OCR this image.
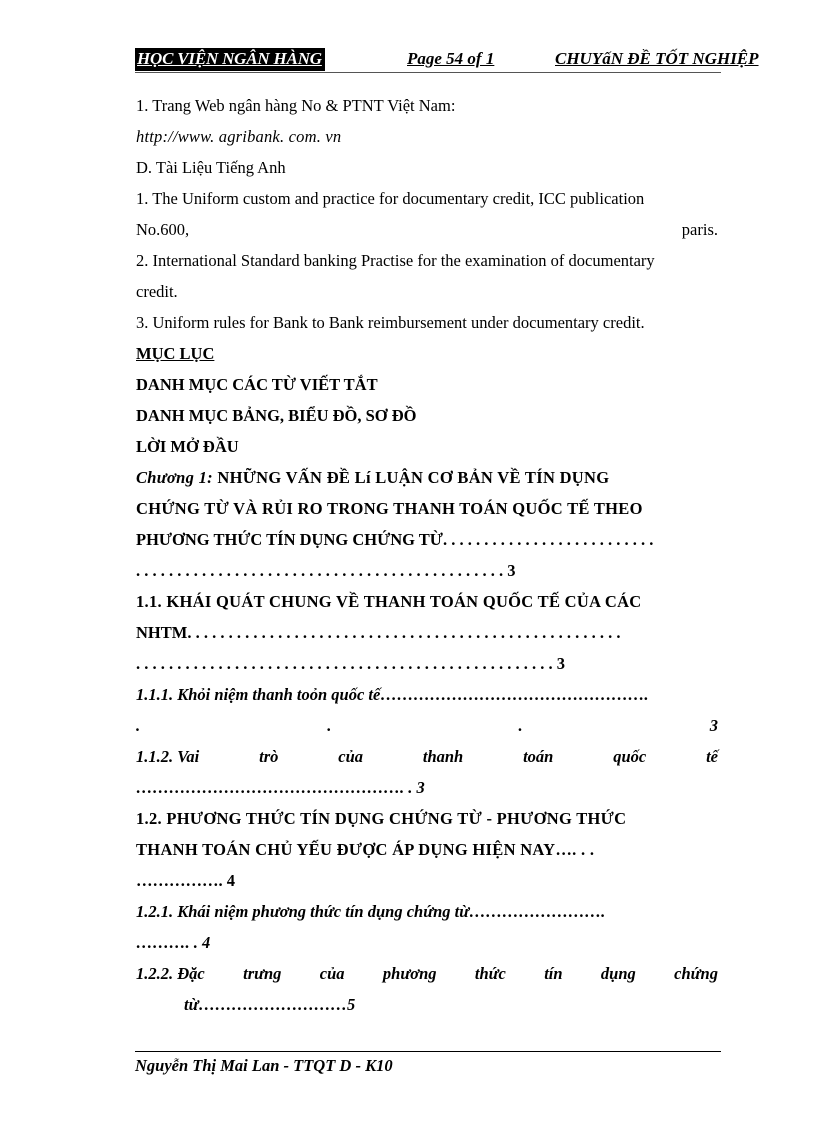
HỌC VIỆN NGÂN HÀNG	Page 54 of 1	CHUYấN ĐỀ TỐT NGHIỆP
1. Trang Web ngân hàng No & PTNT Việt Nam:
http://www. agribank. com. vn
D. Tài Liệu Tiếng Anh
1. The Uniform custom and practice for documentary credit, ICC publication
No.600,	paris.
2. International Standard banking Practise for the examination of documentary
credit.
3. Uniform rules for Bank to Bank reimbursement under documentary credit.
MỤC LỤC
DANH MỤC CÁC TỪ VIẾT TẮT
DANH MỤC BẢNG, BIỂU ĐỒ, SƠ ĐỒ
LỜI MỞ ĐẦU
Chương 1: NHỮNG VẤN ĐỀ Lí LUẬN CƠ BẢN VỀ TÍN DỤNG
CHỨNG TỪ VÀ RỦI RO TRONG THANH TOÁN QUỐC TẾ THEO
PHƯƠNG THỨC TÍN DỤNG CHỨNG TỪ. . . . . . . . . . . . . . . . . . . . . . . . . .
. . . . . . . . . . . . . . . . . . . . . . . . . . . . . . . . . . . . . . . . . . . . . 3
1.1. KHÁI QUÁT CHUNG VỀ THANH TOÁN QUỐC TẾ CỦA CÁC
NHTM. . . . . . . . . . . . . . . . . . . . . . . . . . . . . . . . . . . . . . . . . . . . . . . . . . . . .
. . . . . . . . . . . . . . . . . . . . . . . . . . . . . . . . . . . . . . . . . . . . . . . . . . . 3
1.1.1. Khỏi niệm thanh toỏn quốc tế………………………………………….
.	.	.	3
1.1.2. Vai	trò	của	thanh	toán	quốc	tế
…………………………………………. . 3
1.2. PHƯƠNG THỨC TÍN DỤNG CHỨNG TỪ - PHƯƠNG THỨC
THANH TOÁN CHỦ YẾU ĐƯỢC ÁP DỤNG HIỆN NAY…. . .
……………. 4
1.2.1. Khái niệm phương thức tín dụng chứng từ…………………….
………. . 4
1.2.2. Đặc trưng của phương thức tín dụng chứng
từ………………………5
Nguyễn Thị Mai Lan - TTQT D - K10
